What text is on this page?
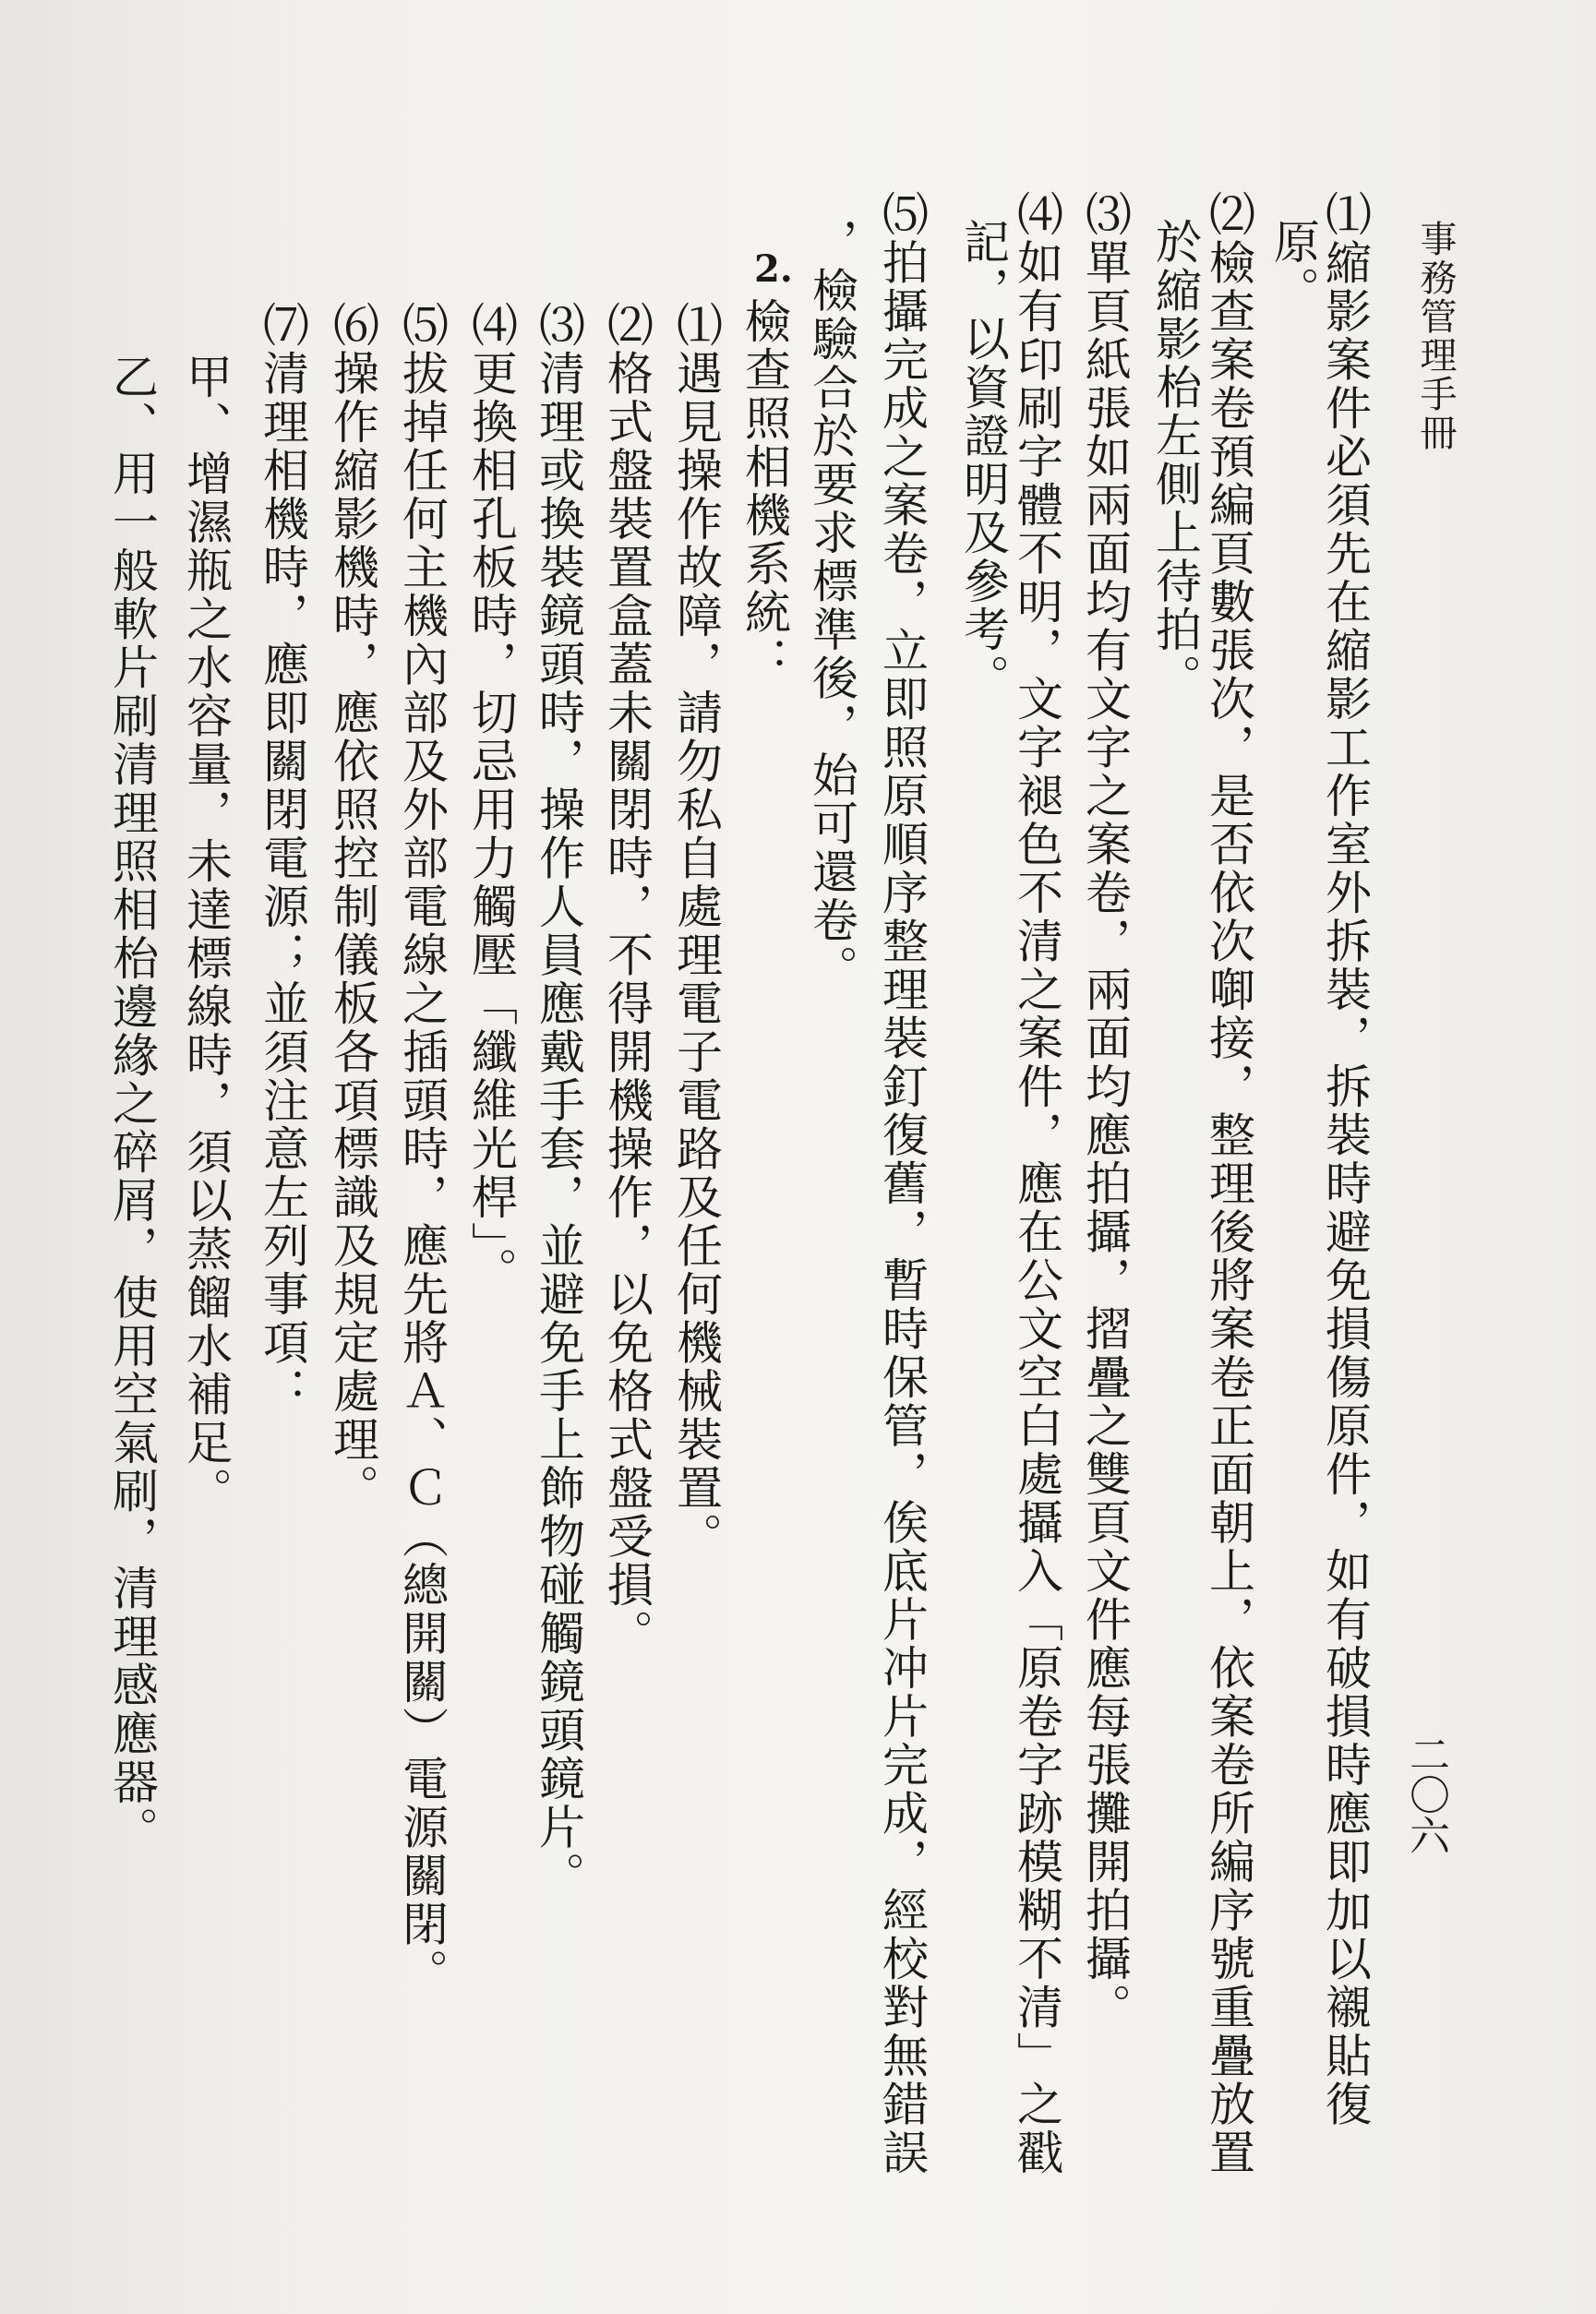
事務管理手冊
二〇六
2.	⑴縮影案件必須先在縮影工作室外拆裝，拆裝時避免損傷原件，如有破損時應即加以襯貼復
原。
⑵檢查案卷預編頁數張次，是否依次啣接，整理後將案卷正面朝上，依案卷所編序號重疊放置
於縮影枱左側上待拍。
⑶單頁紙張如兩面均有文字之案卷，兩面均應拍攝，摺疊之雙頁文件應每張攤開拍攝。
⑷如有印刷字體不明，文字褪色不清之案件，應在公文空白處攝入「原卷字跡模糊不清」之戳
記，以資證明及參考。
⑸拍攝完成之案卷，立即照原順序整理裝釘復舊，暫時保管，俟底片冲片完成，經校對無錯誤
，檢驗合於要求標準後，始可還卷。
檢查照相機系統：
⑴遇見操作故障，請勿私自處理電子電路及任何機械裝置。
⑵格式盤裝置盒蓋未關閉時，不得開機操作，以免格式盤受損。
⑶清理或換裝鏡頭時，操作人員應戴手套，並避免手上飾物碰觸鏡頭鏡片。
⑷更換相孔板時，切忌用力觸壓「纖維光桿」。
⑸拔掉任何主機內部及外部電線之插頭時，應先將Ａ、Ｃ（總開關）電源關閉。
⑹操作縮影機時，應依照控制儀板各項標識及規定處理。
⑺清理相機時，應即關閉電源；並須注意左列事項：
甲、增濕瓶之水容量，未達標線時，須以蒸餾水補足。
乙、用一般軟片刷清理照相枱邊緣之碎屑，使用空氣刷，清理感應器。
